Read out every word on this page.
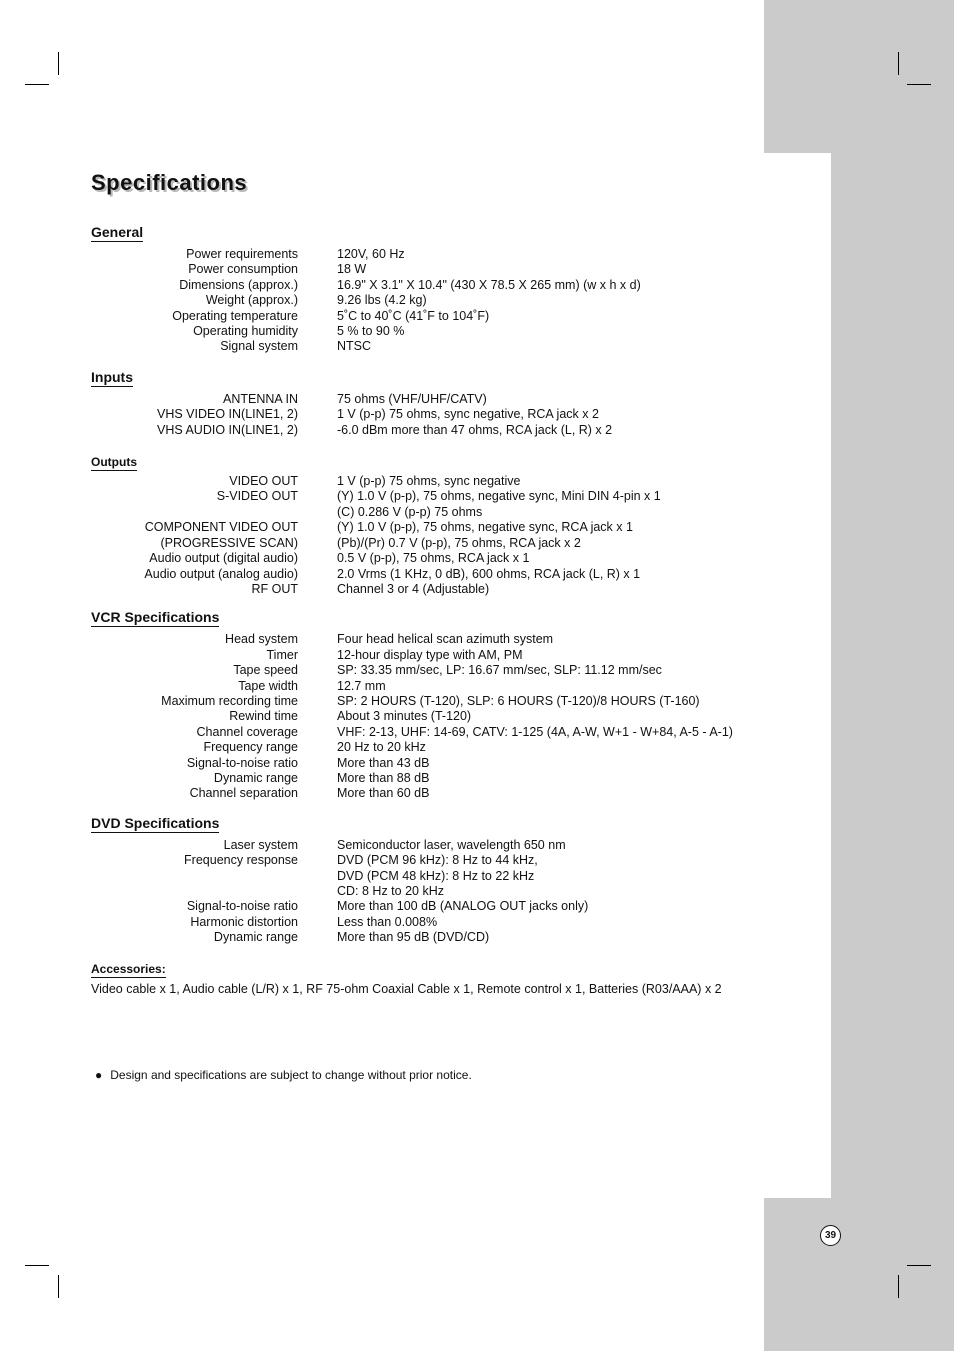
Specifications
General
Power requirements	120V, 60 Hz
Power consumption	18 W
Dimensions (approx.)	16.9" X 3.1" X 10.4" (430 X 78.5 X 265 mm) (w x h x d)
Weight (approx.)	9.26 lbs (4.2 kg)
Operating temperature	5˚C to 40˚C (41˚F to 104˚F)
Operating humidity	5 % to 90 %
Signal system	NTSC
Inputs
ANTENNA IN	75 ohms (VHF/UHF/CATV)
VHS VIDEO IN(LINE1, 2)	1 V (p-p) 75 ohms, sync negative, RCA jack x 2
VHS AUDIO IN(LINE1, 2)	-6.0 dBm more than 47 ohms, RCA jack (L, R) x 2
Outputs
VIDEO OUT	1 V (p-p) 75 ohms, sync negative
S-VIDEO OUT	(Y) 1.0 V (p-p), 75 ohms, negative sync, Mini DIN 4-pin x 1
(C) 0.286 V (p-p) 75 ohms
COMPONENT VIDEO OUT	(Y) 1.0 V (p-p), 75 ohms, negative sync, RCA jack x 1
(PROGRESSIVE SCAN)	(Pb)/(Pr) 0.7 V (p-p), 75 ohms, RCA jack x 2
Audio output (digital audio)	0.5 V (p-p), 75 ohms, RCA jack x 1
Audio output (analog audio)	2.0 Vrms (1 KHz, 0 dB), 600 ohms, RCA jack (L, R) x 1
RF OUT	Channel 3 or 4 (Adjustable)
VCR Specifications
Head system	Four head helical scan azimuth system
Timer	12-hour display type with AM, PM
Tape speed	SP: 33.35 mm/sec, LP: 16.67 mm/sec, SLP: 11.12 mm/sec
Tape width	12.7 mm
Maximum recording time	SP: 2 HOURS (T-120), SLP: 6 HOURS (T-120)/8 HOURS (T-160)
Rewind time	About 3 minutes (T-120)
Channel coverage	VHF: 2-13, UHF: 14-69, CATV: 1-125 (4A, A-W, W+1 - W+84, A-5 - A-1)
Frequency range	20 Hz to 20 kHz
Signal-to-noise ratio	More than 43 dB
Dynamic range	More than 88 dB
Channel separation	More than 60 dB
DVD Specifications
Laser system	Semiconductor laser, wavelength 650 nm
Frequency response	DVD (PCM 96 kHz): 8 Hz to 44 kHz,
DVD (PCM 48 kHz): 8 Hz to 22 kHz
CD: 8 Hz to 20 kHz
Signal-to-noise ratio	More than 100 dB (ANALOG OUT jacks only)
Harmonic distortion	Less than 0.008%
Dynamic range	More than 95 dB (DVD/CD)
Accessories:
Video cable x 1, Audio cable (L/R) x 1, RF 75-ohm Coaxial Cable x 1, Remote control x 1, Batteries (R03/AAA) x 2
● Design and specifications are subject to change without prior notice.
39
